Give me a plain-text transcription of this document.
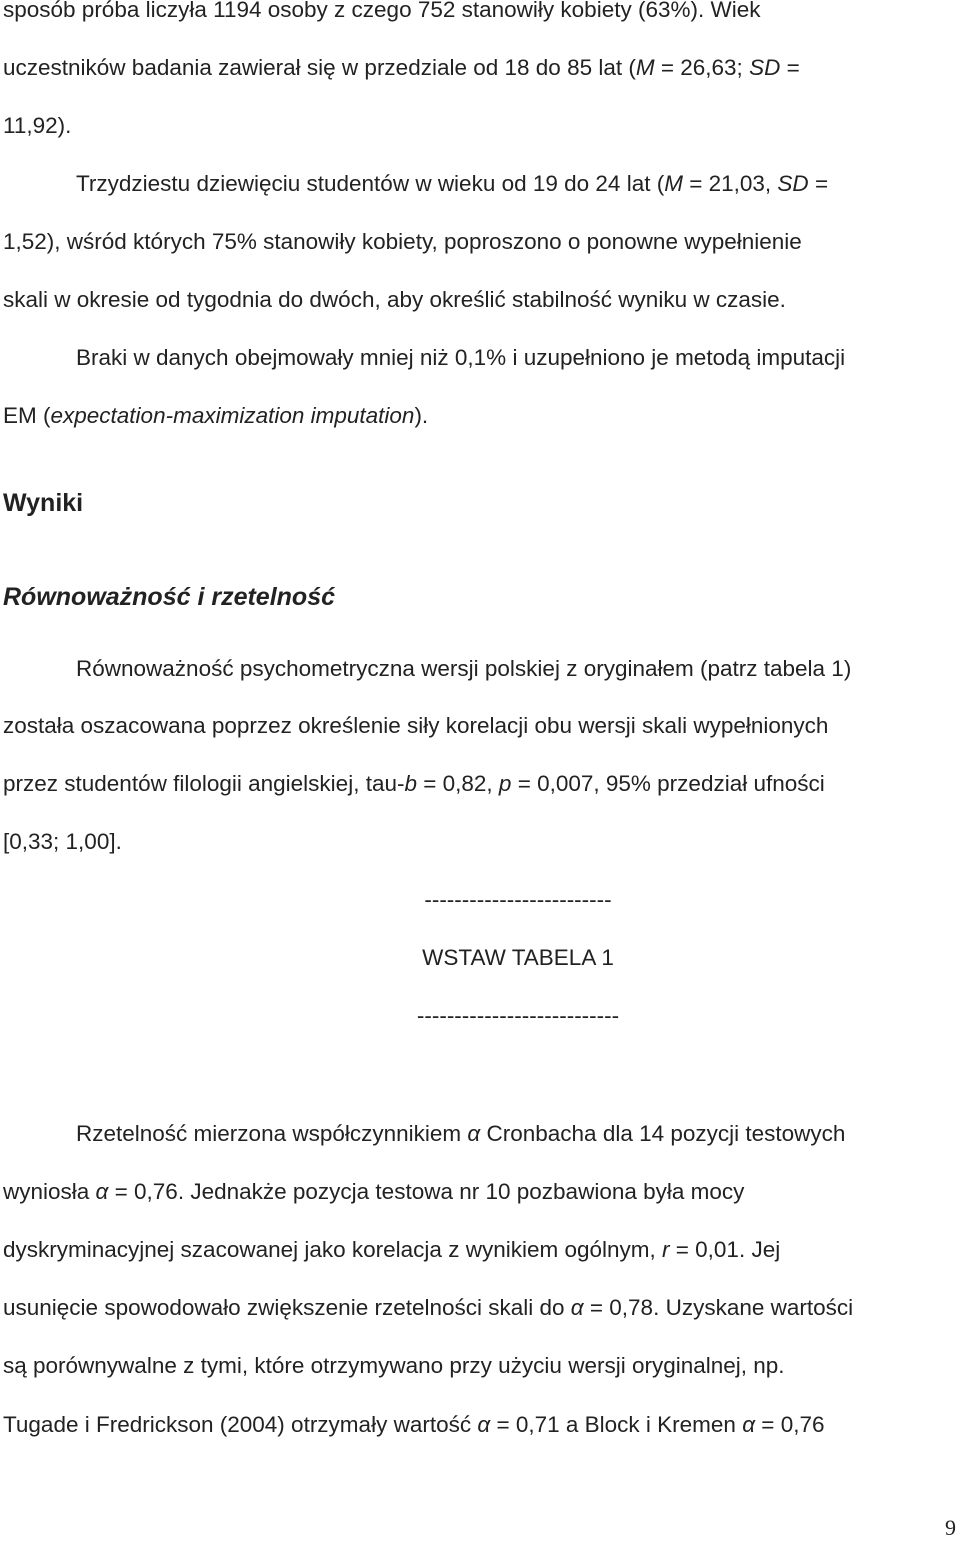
sposób próba liczyła 1194 osoby z czego 752 stanowiły kobiety (63%). Wiek

uczestników badania zawierał się w przedziale od 18 do 85 lat (M = 26,63; SD =

11,92).

Trzydziestu dziewięciu studentów w wieku od 19 do 24 lat (M = 21,03, SD =

1,52), wśród których 75% stanowiły kobiety, poproszono o ponowne wypełnienie

skali w okresie od tygodnia do dwóch, aby określić stabilność wyniku w czasie.

Braki w danych obejmowały mniej niż 0,1% i uzupełniono je metodą imputacji

EM (expectation-maximization imputation).

Wyniki
Równoważność i rzetelność

Równoważność psychometryczna wersji polskiej z oryginałem (patrz tabela 1)

została oszacowana poprzez określenie siły korelacji obu wersji skali wypełnionych

przez studentów filologii angielskiej, tau-b = 0,82, p = 0,007, 95% przedział ufności

[0,33; 1,00].

-------------------------

WSTAW TABELA 1

---------------------------

Rzetelność mierzona współczynnikiem α Cronbacha dla 14 pozycji testowych

wyniosła α = 0,76. Jednakże pozycja testowa nr 10 pozbawiona była mocy

dyskryminacyjnej szacowanej jako korelacja z wynikiem ogólnym, r = 0,01. Jej

usunięcie spowodowało zwiększenie rzetelności skali do α = 0,78. Uzyskane wartości

są porównywalne z tymi, które otrzymywano przy użyciu wersji oryginalnej, np.

Tugade i Fredrickson (2004) otrzymały wartość α = 0,71 a Block i Kremen α = 0,76

9
